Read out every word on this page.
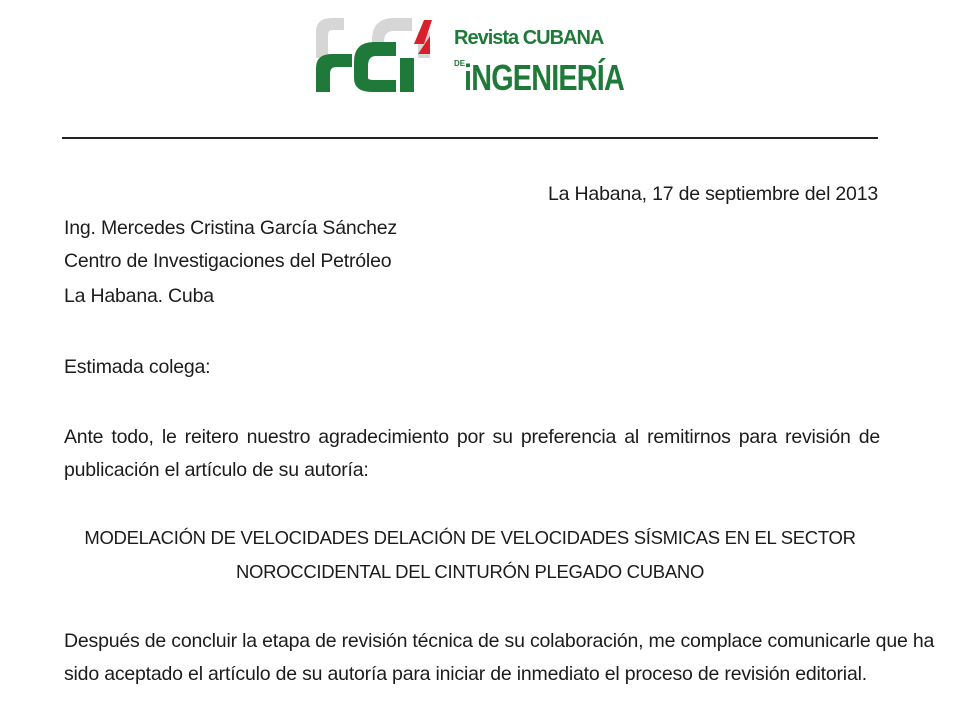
Revista CUBANA
DE
iNGENIERÍA
La Habana, 17 de septiembre del 2013
Ing. Mercedes Cristina García Sánchez
Centro de Investigaciones del Petróleo
La Habana. Cuba
Estimada colega:
Ante todo, le reitero nuestro agradecimiento por su preferencia al remitirnos para revisión de
publicación el artículo de su autoría:
MODELACIÓN DE VELOCIDADES DELACIÓN DE VELOCIDADES SÍSMICAS EN EL SECTOR
NOROCCIDENTAL DEL CINTURÓN PLEGADO CUBANO
Después de concluir la etapa de revisión técnica de su colaboración, me complace comunicarle que ha
sido aceptado el artículo de su autoría para iniciar de inmediato el proceso de revisión editorial.
